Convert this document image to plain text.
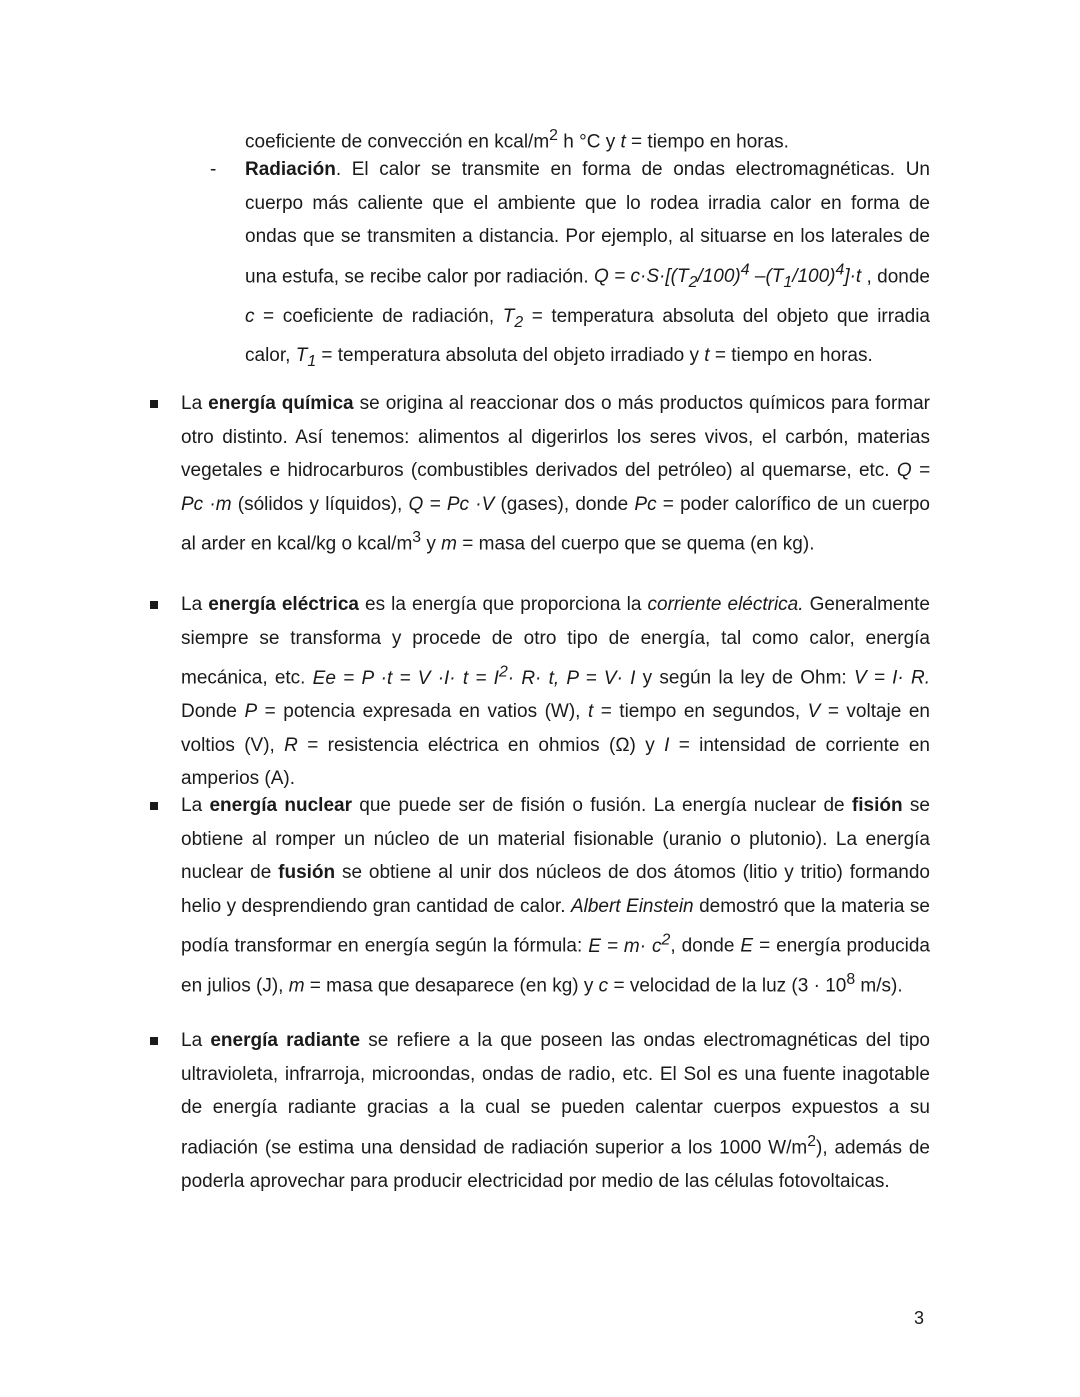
coeficiente de convección en kcal/$m^2$ h °C y t = tiempo en horas.

- Radiación. El calor se transmite en forma de ondas electromagnéticas. Un cuerpo más caliente que el ambiente que lo rodea irradia calor en forma de ondas que se transmiten a distancia. Por ejemplo, al situarse en los laterales de una estufa, se recibe calor por radiación. $Q = c\cdot S\cdot[(T_2/100)^4$ $-(T_1/100)^4]\cdot t$ , donde c = coeficiente de radiación, $T_2$ = temperatura absoluta del objeto que irradia calor, $T_1$ = temperatura absoluta del objeto irradiado y t = tiempo en horas.

La energía química se origina al reaccionar dos o más productos químicos para formar otro distinto. Así tenemos: alimentos al digerirlos los seres vivos, el carbón, materias vegetales e hidrocarburos (combustibles derivados del petróleo) al quemarse, etc. Q = Pc ·m (sólidos y líquidos), Q = Pc ·V (gases), donde Pc = poder calorífico de un cuerpo al arder en kcal/kg o kcal/$m^3$ y m = masa del cuerpo que se quema (en kg).

La energía eléctrica es la energía que proporciona la corriente eléctrica. Generalmente siempre se transforma y procede de otro tipo de energía, tal como calor, energía mecánica, etc. $Ee = P \cdot t = V \cdot I\cdot t = I^2\cdot R\cdot t$, P = V· I y según la ley de Ohm: V = I· R. Donde P = potencia expresada en vatios (W), t = tiempo en segundos, V = voltaje en voltios (V), R = resistencia eléctrica en ohmios (Ω) y I = intensidad de corriente en amperios (A).

La energía nuclear que puede ser de fisión o fusión. La energía nuclear de fisión se obtiene al romper un núcleo de un material fisionable (uranio o plutonio). La energía nuclear de fusión se obtiene al unir dos núcleos de dos átomos (litio y tritio) formando helio y desprendiendo gran cantidad de calor. Albert Einstein demostró que la materia se podía transformar en energía según la fórmula: $E = m\cdot c^2$, donde E = energía producida en julios (J), m = masa que desaparece (en kg) y c = velocidad de la luz ($3 \cdot 10^8$ m/s).

La energía radiante se refiere a la que poseen las ondas electromagnéticas del tipo ultravioleta, infrarroja, microondas, ondas de radio, etc. El Sol es una fuente inagotable de energía radiante gracias a la cual se pueden calentar cuerpos expuestos a su radiación (se estima una densidad de radiación superior a los 1000 $W/m^2$), además de poderla aprovechar para producir electricidad por medio de las células fotovoltaicas.

3
